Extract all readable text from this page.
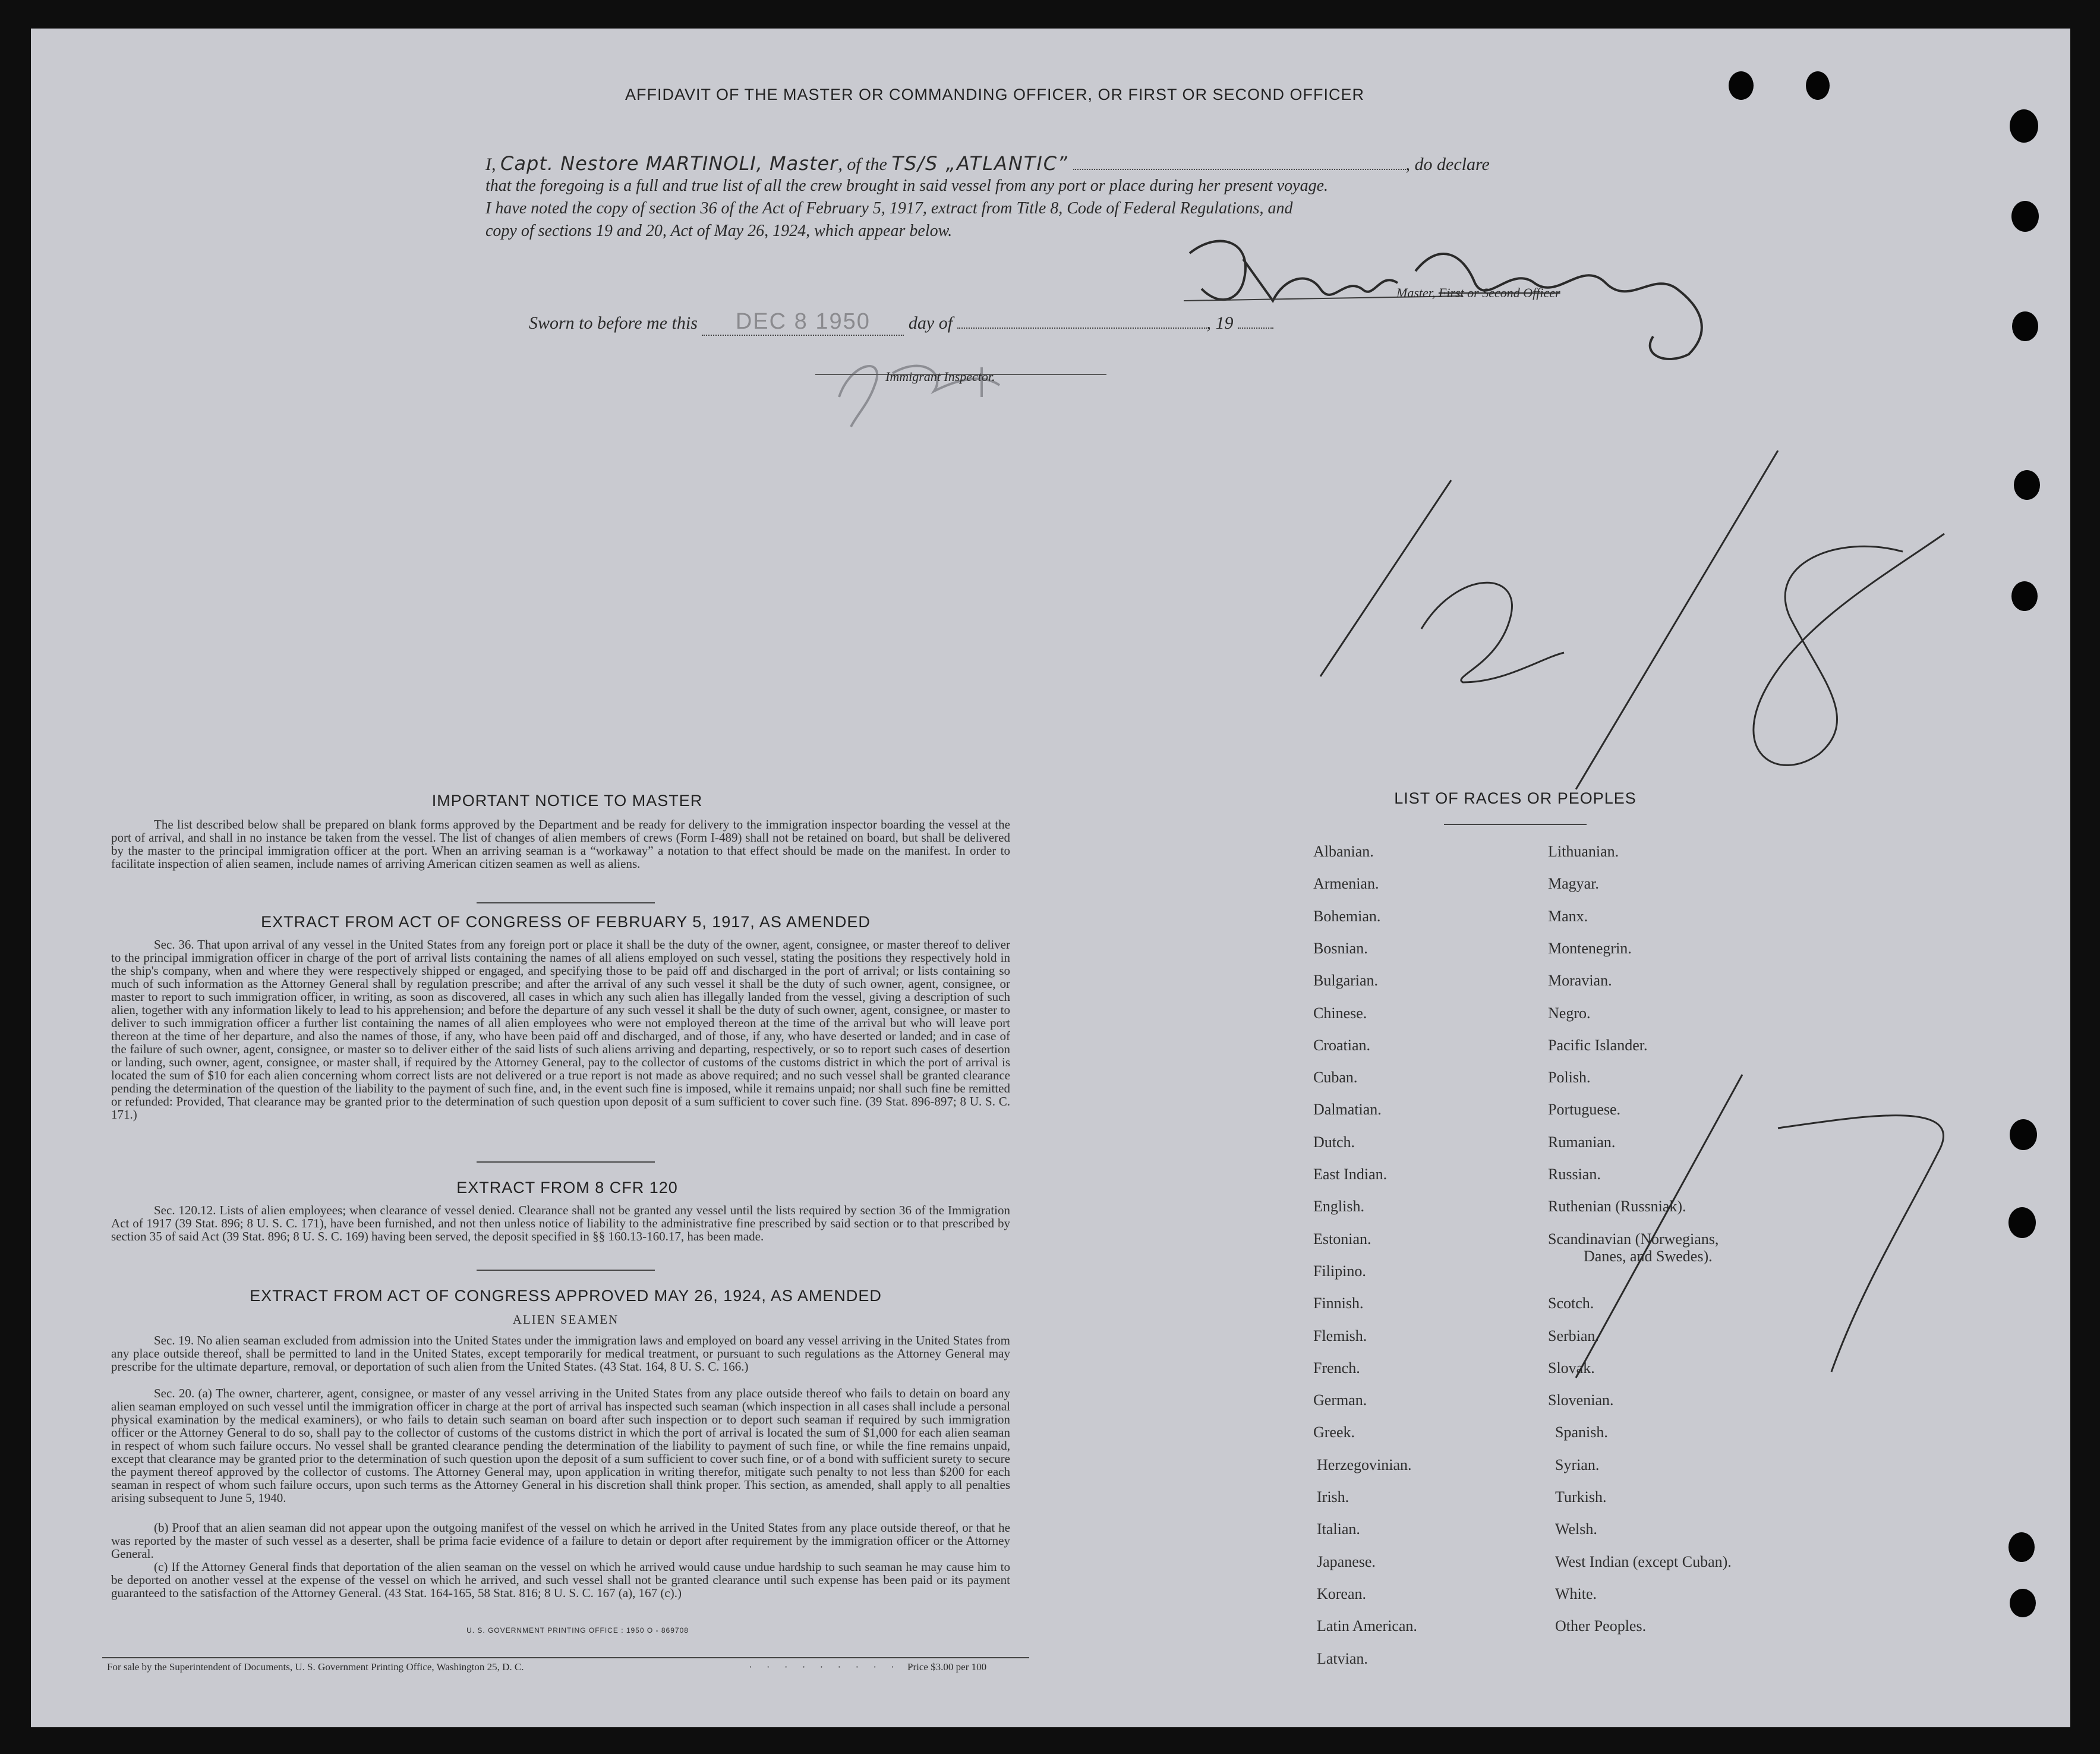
AFFIDAVIT OF THE MASTER OR COMMANDING OFFICER, OR FIRST OR SECOND OFFICER
I, Capt. Nestore MARTINOLI, Master, of the TS/S „ATLANTIC”	, do declare
that the foregoing is a full and true list of all the crew brought in said vessel from any port or place during her present voyage.
I have noted the copy of section 36 of the Act of February 5, 1917, extract from Title 8, Code of Federal Regulations, and
copy of sections 19 and 20, Act of May 26, 1924, which appear below.
Master, First or Second Officer
Sworn to before me this DEC 8 1950 day of	, 19
Immigrant Inspector.
IMPORTANT NOTICE TO MASTER
The list described below shall be prepared on blank forms approved by the Department and be ready for delivery to the immigration inspector boarding the vessel at the port of arrival, and shall in no instance be taken from the vessel. The list of changes of alien members of crews (Form I-489) shall not be retained on board, but shall be delivered by the master to the principal immigration officer at the port. When an arriving seaman is a “workaway” a notation to that effect should be made on the manifest. In order to facilitate inspection of alien seamen, include names of arriving American citizen seamen as well as aliens.
EXTRACT FROM ACT OF CONGRESS OF FEBRUARY 5, 1917, AS AMENDED
Sec. 36. That upon arrival of any vessel in the United States from any foreign port or place it shall be the duty of the owner, agent, consignee, or master thereof to deliver to the principal immigration officer in charge of the port of arrival lists containing the names of all aliens employed on such vessel, stating the positions they respectively hold in the ship's company, when and where they were respectively shipped or engaged, and specifying those to be paid off and discharged in the port of arrival; or lists containing so much of such information as the Attorney General shall by regulation prescribe; and after the arrival of any such vessel it shall be the duty of such owner, agent, consignee, or master to report to such immigration officer, in writing, as soon as discovered, all cases in which any such alien has illegally landed from the vessel, giving a description of such alien, together with any information likely to lead to his apprehension; and before the departure of any such vessel it shall be the duty of such owner, agent, consignee, or master to deliver to such immigration officer a further list containing the names of all alien employees who were not employed thereon at the time of the arrival but who will leave port thereon at the time of her departure, and also the names of those, if any, who have been paid off and discharged, and of those, if any, who have deserted or landed; and in case of the failure of such owner, agent, consignee, or master so to deliver either of the said lists of such aliens arriving and departing, respectively, or so to report such cases of desertion or landing, such owner, agent, consignee, or master shall, if required by the Attorney General, pay to the collector of customs of the customs district in which the port of arrival is located the sum of $10 for each alien concerning whom correct lists are not delivered or a true report is not made as above required; and no such vessel shall be granted clearance pending the determination of the question of the liability to the payment of such fine, and, in the event such fine is imposed, while it remains unpaid; nor shall such fine be remitted or refunded: Provided, That clearance may be granted prior to the determination of such question upon deposit of a sum sufficient to cover such fine. (39 Stat. 896-897; 8 U. S. C. 171.)
EXTRACT FROM 8 CFR 120
Sec. 120.12. Lists of alien employees; when clearance of vessel denied. Clearance shall not be granted any vessel until the lists required by section 36 of the Immigration Act of 1917 (39 Stat. 896; 8 U. S. C. 171), have been furnished, and not then unless notice of liability to the administrative fine prescribed by said section or to that prescribed by section 35 of said Act (39 Stat. 896; 8 U. S. C. 169) having been served, the deposit specified in §§ 160.13-160.17, has been made.
EXTRACT FROM ACT OF CONGRESS APPROVED MAY 26, 1924, AS AMENDED
ALIEN SEAMEN
Sec. 19. No alien seaman excluded from admission into the United States under the immigration laws and employed on board any vessel arriving in the United States from any place outside thereof, shall be permitted to land in the United States, except temporarily for medical treatment, or pursuant to such regulations as the Attorney General may prescribe for the ultimate departure, removal, or deportation of such alien from the United States. (43 Stat. 164, 8 U. S. C. 166.)
Sec. 20. (a) The owner, charterer, agent, consignee, or master of any vessel arriving in the United States from any place outside thereof who fails to detain on board any alien seaman employed on such vessel until the immigration officer in charge at the port of arrival has inspected such seaman (which inspection in all cases shall include a personal physical examination by the medical examiners), or who fails to detain such seaman on board after such inspection or to deport such seaman if required by such immigration officer or the Attorney General to do so, shall pay to the collector of customs of the customs district in which the port of arrival is located the sum of $1,000 for each alien seaman in respect of whom such failure occurs. No vessel shall be granted clearance pending the determination of the liability to payment of such fine, or while the fine remains unpaid, except that clearance may be granted prior to the determination of such question upon the deposit of a sum sufficient to cover such fine, or of a bond with sufficient surety to secure the payment thereof approved by the collector of customs. The Attorney General may, upon application in writing therefor, mitigate such penalty to not less than $200 for each seaman in respect of whom such failure occurs, upon such terms as the Attorney General in his discretion shall think proper. This section, as amended, shall apply to all penalties arising subsequent to June 5, 1940.
(b) Proof that an alien seaman did not appear upon the outgoing manifest of the vessel on which he arrived in the United States from any place outside thereof, or that he was reported by the master of such vessel as a deserter, shall be prima facie evidence of a failure to detain or deport after requirement by the immigration officer or the Attorney General.
(c) If the Attorney General finds that deportation of the alien seaman on the vessel on which he arrived would cause undue hardship to such seaman he may cause him to be deported on another vessel at the expense of the vessel on which he arrived, and such vessel shall not be granted clearance until such expense has been paid or its payment guaranteed to the satisfaction of the Attorney General. (43 Stat. 164-165, 58 Stat. 816; 8 U. S. C. 167 (a), 167 (c).)
U. S. GOVERNMENT PRINTING OFFICE : 1950 O - 869708
For sale by the Superintendent of Documents, U. S. Government Printing Office, Washington 25, D. C.	· · · · · · · · · ·
Price $3.00 per 100
LIST OF RACES OR PEOPLES
Albanian.
Armenian.
Bohemian.
Bosnian.
Bulgarian.
Chinese.
Croatian.
Cuban.
Dalmatian.
Dutch.
East Indian.
English.
Estonian.
Filipino.
Finnish.
Flemish.
French.
German.
Greek.
Herzegovinian.
Irish.
Italian.
Japanese.
Korean.
Latin American.
Latvian.
Lithuanian.
Magyar.
Manx.
Montenegrin.
Moravian.
Negro.
Pacific Islander.
Polish.
Portuguese.
Rumanian.
Russian.
Ruthenian (Russniak).
Scandinavian (Norwegians,
Danes, and Swedes).
Scotch.
Serbian.
Slovak.
Slovenian.
Spanish.
Syrian.
Turkish.
Welsh.
West Indian (except Cuban).
White.
Other Peoples.
